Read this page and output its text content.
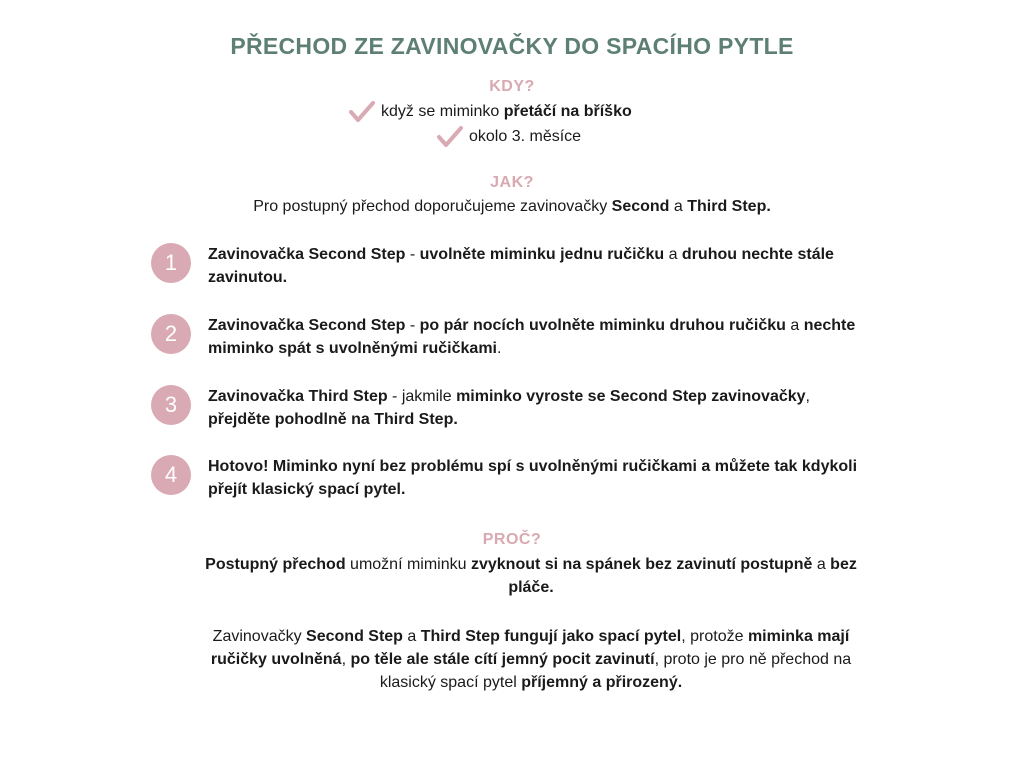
PŘECHOD ZE ZAVINOVAČKY DO SPACÍHO PYTLE
KDY?
když se miminko přetáčí na bříško
okolo 3. měsíce
JAK?
Pro postupný přechod doporučujeme zavinovačky Second a Third Step.
1	Zavinovačka Second Step - uvolněte miminku jednu ručičku a druhou nechte stále zavinutou.
2	Zavinovačka Second Step - po pár nocích uvolněte miminku druhou ručičku a nechte miminko spát s uvolněnými ručičkami.
3	Zavinovačka Third Step - jakmile miminko vyroste se Second Step zavinovačky, přejděte pohodlně na Third Step.
4	Hotovo! Miminko nyní bez problému spí s uvolněnými ručičkami a můžete tak kdykoli přejít klasický spací pytel.
PROČ?
Postupný přechod umožní miminku zvyknout si na spánek bez zavinutí postupně a bez pláče.
Zavinovačky Second Step a Third Step fungují jako spací pytel, protože miminka mají ručičky uvolněná, po těle ale stále cítí jemný pocit zavinutí, proto je pro ně přechod na klasický spací pytel příjemný a přirozený.
